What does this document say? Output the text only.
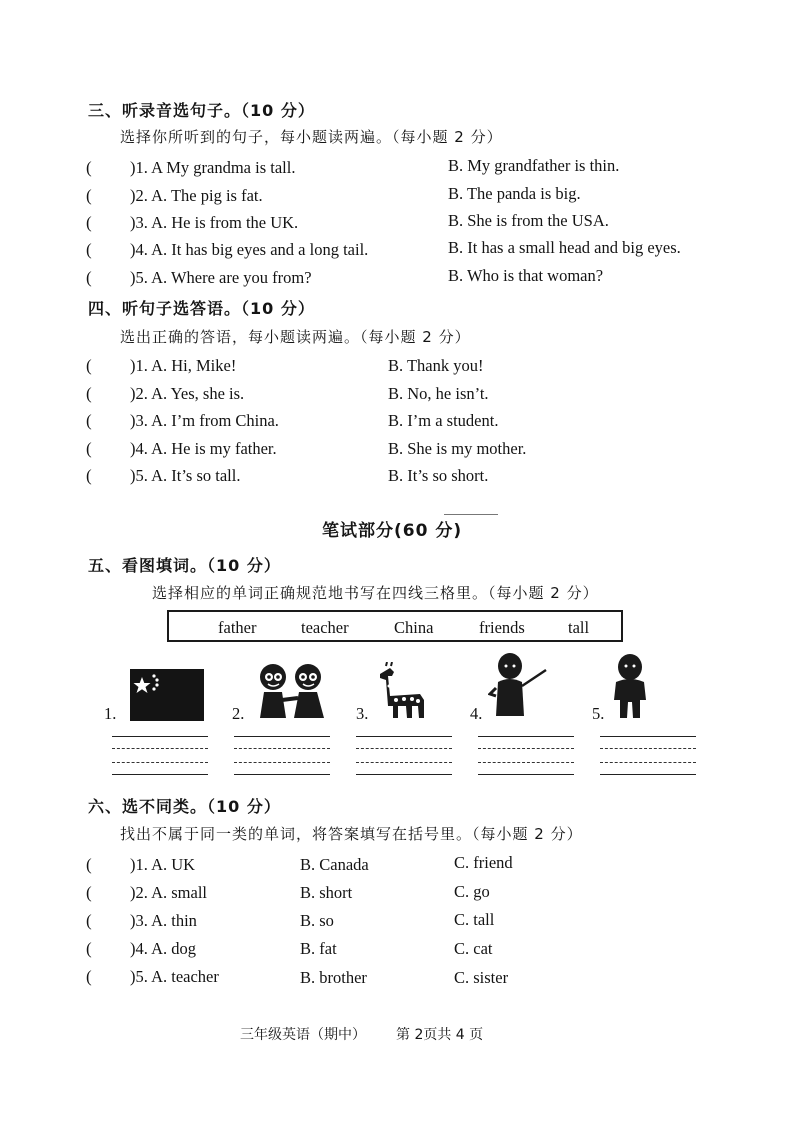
三、听录音选句子。（10 分）
选择你所听到的句子，每小题读两遍。（每小题 2 分）
( )1. A My grandma is tall.	B. My grandfather is thin.
( )2. A. The pig is fat.	B. The panda is big.
( )3. A. He is from the UK.	B. She is from the USA.
( )4. A. It has big eyes and a long tail.	B. It has a small head and big eyes.
( )5. A. Where are you from?	B. Who is that woman?
四、听句子选答语。（10 分）
选出正确的答语，每小题读两遍。（每小题 2 分）
( )1. A. Hi, Mike!	B. Thank you!
( )2. A. Yes, she is.	B. No, he isn’t.
( )3. A. I’m from China.	B. I’m a student.
( )4. A. He is my father.	B. She is my mother.
( )5. A. It’s so tall.	B. It’s so short.
笔试部分(60 分)
五、看图填词。（10 分）
选择相应的单词正确规范地书写在四线三格里。（每小题 2 分）
father	teacher	China	friends	tall
1.	2.	3.	4.	5.
六、选不同类。（10 分）
找出不属于同一类的单词，将答案填写在括号里。（每小题 2 分）
( )1. A. UK	B. Canada	C. friend
( )2. A. small	B. short	C. go
( )3. A. thin	B. so	C. tall
( )4. A. dog	B. fat	C. cat
( )5. A. teacher	B. brother	C. sister
三年级英语（期中） 第 2页共 4 页
